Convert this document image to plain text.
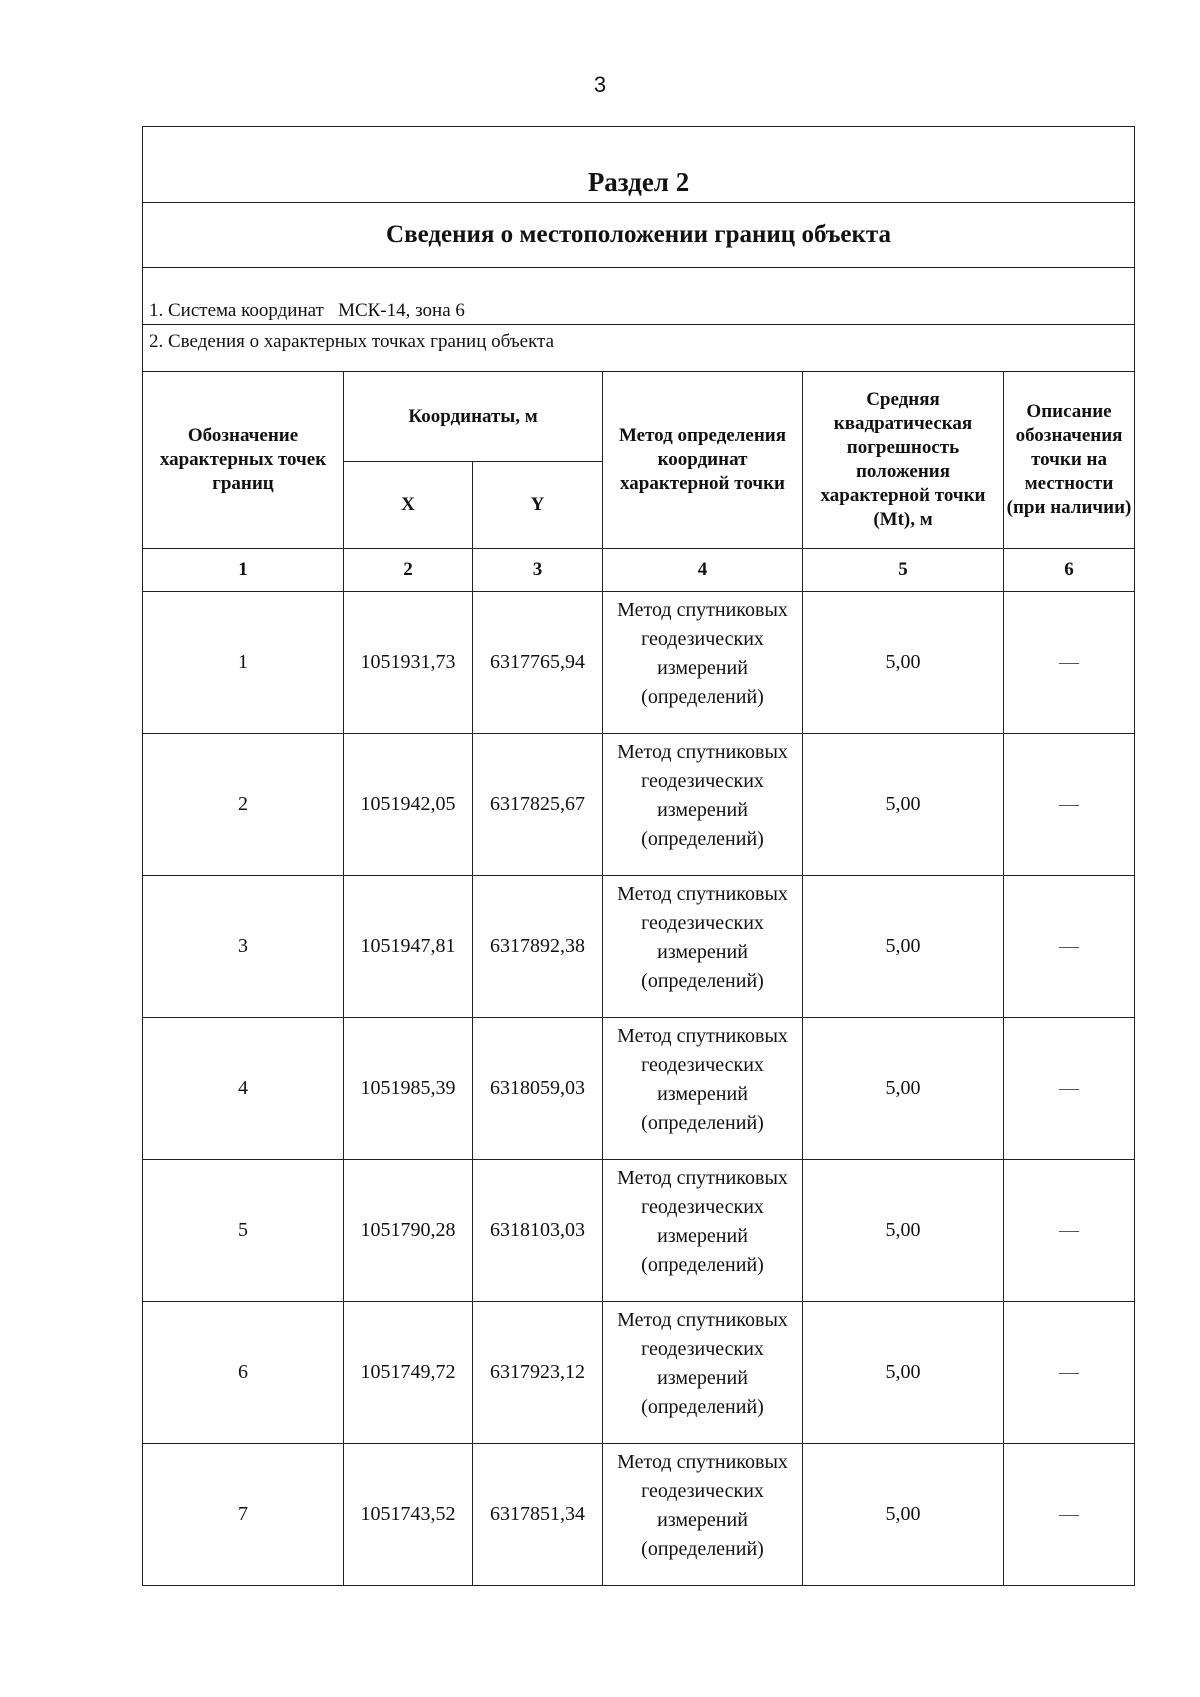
3
Раздел 2					
Сведения о местоположении границ объекта					
1. Система координат   МСК-14, зона 6					
2. Сведения о характерных точках границ объекта					
Обозначение характерных точек границ	Координаты, м		Метод определения координат характерной точки	Средняя квадратическая погрешность положения характерной точки (Mt), м	Описание обозначения точки на местности (при наличии)
	X	Y			
1	2	3	4	5	6
1	1051931,73	6317765,94	Метод спутниковых геодезических измерений (определений)	5,00	—
2	1051942,05	6317825,67	Метод спутниковых геодезических измерений (определений)	5,00	—
3	1051947,81	6317892,38	Метод спутниковых геодезических измерений (определений)	5,00	—
4	1051985,39	6318059,03	Метод спутниковых геодезических измерений (определений)	5,00	—
5	1051790,28	6318103,03	Метод спутниковых геодезических измерений (определений)	5,00	—
6	1051749,72	6317923,12	Метод спутниковых геодезических измерений (определений)	5,00	—
7	1051743,52	6317851,34	Метод спутниковых геодезических измерений (определений)	5,00	—
